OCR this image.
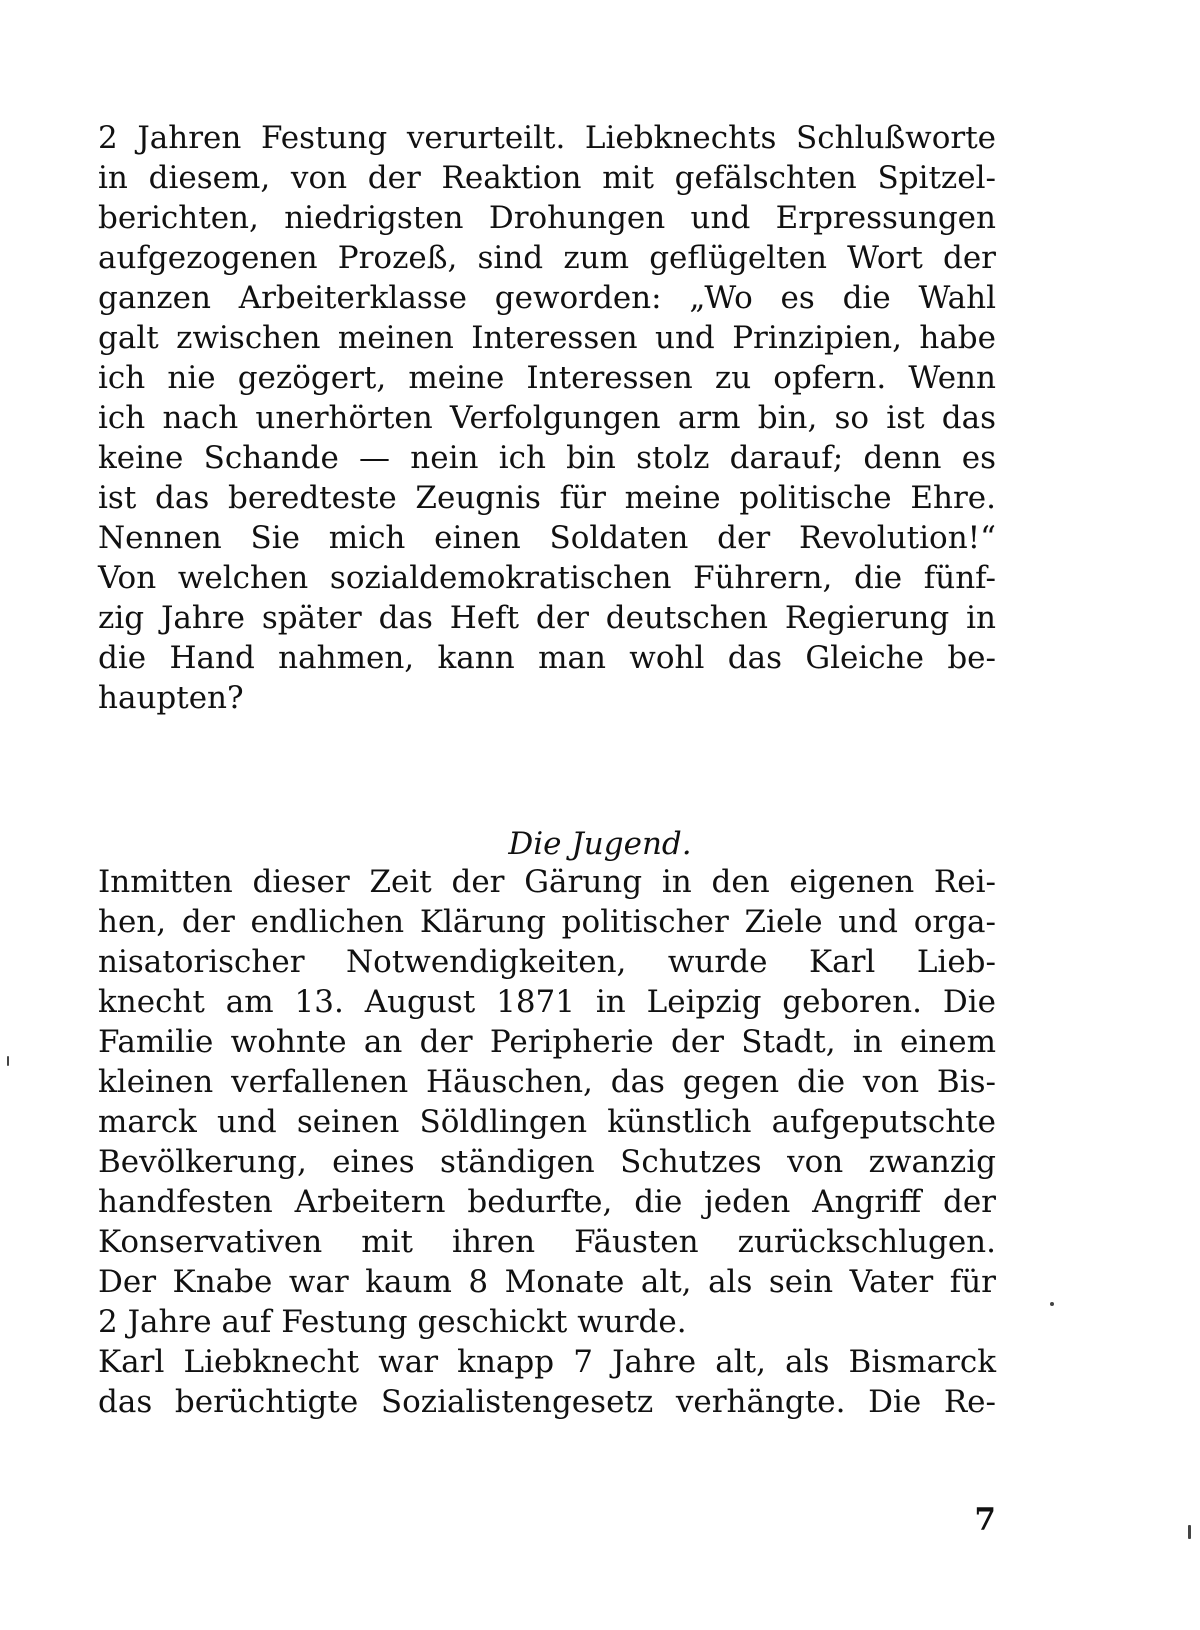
2 Jahren Festung verurteilt. Liebknechts Schlußworte
in diesem, von der Reaktion mit gefälschten Spitzel-
berichten, niedrigsten Drohungen und Erpressungen
aufgezogenen Prozeß, sind zum geflügelten Wort der
ganzen Arbeiterklasse geworden: „Wo es die Wahl
galt zwischen meinen Interessen und Prinzipien, habe
ich nie gezögert, meine Interessen zu opfern. Wenn
ich nach unerhörten Verfolgungen arm bin, so ist das
keine Schande — nein ich bin stolz darauf; denn es
ist das beredteste Zeugnis für meine politische Ehre.
Nennen Sie mich einen Soldaten der Revolution!“
Von welchen sozialdemokratischen Führern, die fünf-
zig Jahre später das Heft der deutschen Regierung in
die Hand nahmen, kann man wohl das Gleiche be-
haupten?
Die Jugend.
Inmitten dieser Zeit der Gärung in den eigenen Rei-
hen, der endlichen Klärung politischer Ziele und orga-
nisatorischer Notwendigkeiten, wurde Karl Lieb-
knecht am 13. August 1871 in Leipzig geboren. Die
Familie wohnte an der Peripherie der Stadt, in einem
kleinen verfallenen Häuschen, das gegen die von Bis-
marck und seinen Söldlingen künstlich aufgeputschte
Bevölkerung, eines ständigen Schutzes von zwanzig
handfesten Arbeitern bedurfte, die jeden Angriff der
Konservativen mit ihren Fäusten zurückschlugen.
Der Knabe war kaum 8 Monate alt, als sein Vater für
2 Jahre auf Festung geschickt wurde.
Karl Liebknecht war knapp 7 Jahre alt, als Bismarck
das berüchtigte Sozialistengesetz verhängte. Die Re-
7
